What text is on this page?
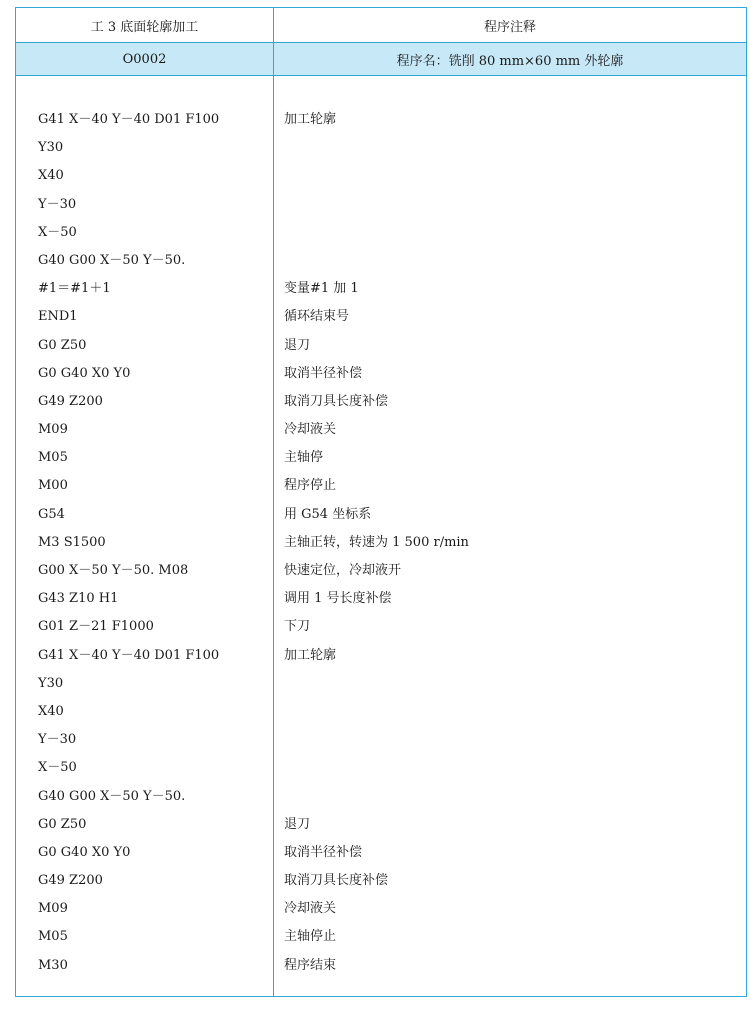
工 3 底面轮廓加工	程序注释
O0002	程序名：铣削 80 mm×60 mm 外轮廓
G41 X－40 Y－40 D01 F100
Y30
X40
Y－30
X－50
G40 G00 X－50 Y－50.
#1＝#1＋1
END1
G0 Z50
G0 G40 X0 Y0
G49 Z200
M09
M05
M00
G54
M3 S1500
G00 X－50 Y－50. M08
G43 Z10 H1
G01 Z－21 F1000
G41 X－40 Y－40 D01 F100
Y30
X40
Y－30
X－50
G40 G00 X－50 Y－50.
G0 Z50
G0 G40 X0 Y0
G49 Z200
M09
M05
M30
加工轮廓
变量#1 加 1
循环结束号
退刀
取消半径补偿
取消刀具长度补偿
冷却液关
主轴停
程序停止
用 G54 坐标系
主轴正转，转速为 1 500 r/min
快速定位，冷却液开
调用 1 号长度补偿
下刀
加工轮廓
退刀
取消半径补偿
取消刀具长度补偿
冷却液关
主轴停止
程序结束
